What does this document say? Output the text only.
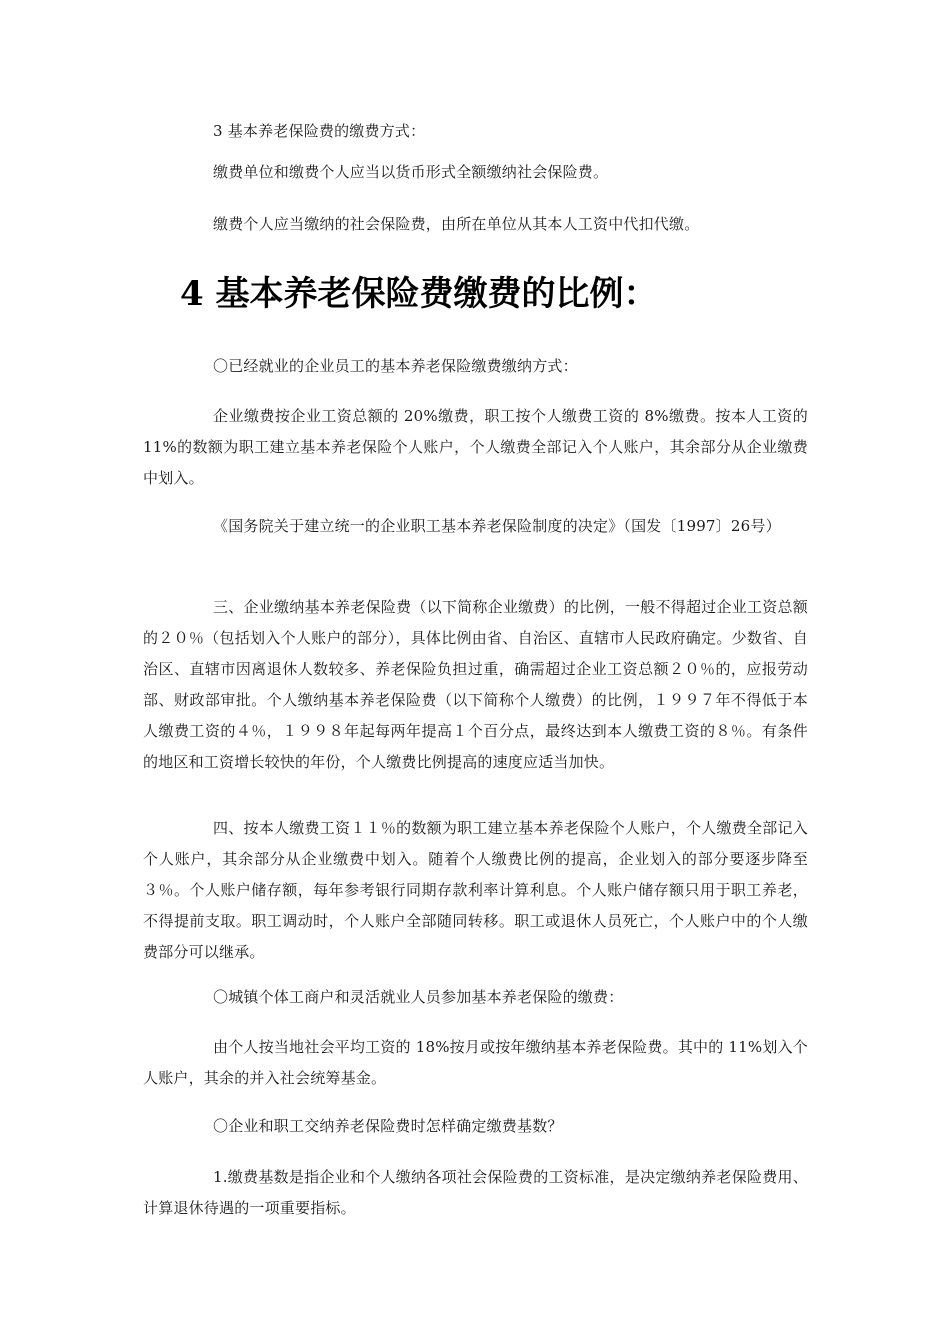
3 基本养老保险费的缴费方式：

缴费单位和缴费个人应当以货币形式全额缴纳社会保险费。

缴费个人应当缴纳的社会保险费，由所在单位从其本人工资中代扣代缴。

4 基本养老保险费缴费的比例：

〇已经就业的企业员工的基本养老保险缴费缴纳方式：

企业缴费按企业工资总额的 20%缴费，职工按个人缴费工资的 8%缴费。按本人工资的 11%的数额为职工建立基本养老保险个人账户，个人缴费全部记入个人账户，其余部分从企业缴费中划入。

《国务院关于建立统一的企业职工基本养老保险制度的决定》（国发〔1997〕26号）

三、企业缴纳基本养老保险费（以下简称企业缴费）的比例，一般不得超过企业工资总额的２０％（包括划入个人账户的部分），具体比例由省、自治区、直辖市人民政府确定。少数省、自治区、直辖市因离退休人数较多、养老保险负担过重，确需超过企业工资总额２０％的，应报劳动部、财政部审批。个人缴纳基本养老保险费（以下简称个人缴费）的比例，１９９７年不得低于本人缴费工资的４％，１９９８年起每两年提高１个百分点，最终达到本人缴费工资的８％。有条件的地区和工资增长较快的年份，个人缴费比例提高的速度应适当加快。

四、按本人缴费工资１１％的数额为职工建立基本养老保险个人账户，个人缴费全部记入个人账户，其余部分从企业缴费中划入。随着个人缴费比例的提高，企业划入的部分要逐步降至３％。个人账户储存额，每年参考银行同期存款利率计算利息。个人账户储存额只用于职工养老，不得提前支取。职工调动时，个人账户全部随同转移。职工或退休人员死亡，个人账户中的个人缴费部分可以继承。

〇城镇个体工商户和灵活就业人员参加基本养老保险的缴费：

由个人按当地社会平均工资的 18%按月或按年缴纳基本养老保险费。其中的 11%划入个人账户，其余的并入社会统筹基金。

〇企业和职工交纳养老保险费时怎样确定缴费基数？

1.缴费基数是指企业和个人缴纳各项社会保险费的工资标准，是决定缴纳养老保险费用、计算退休待遇的一项重要指标。
